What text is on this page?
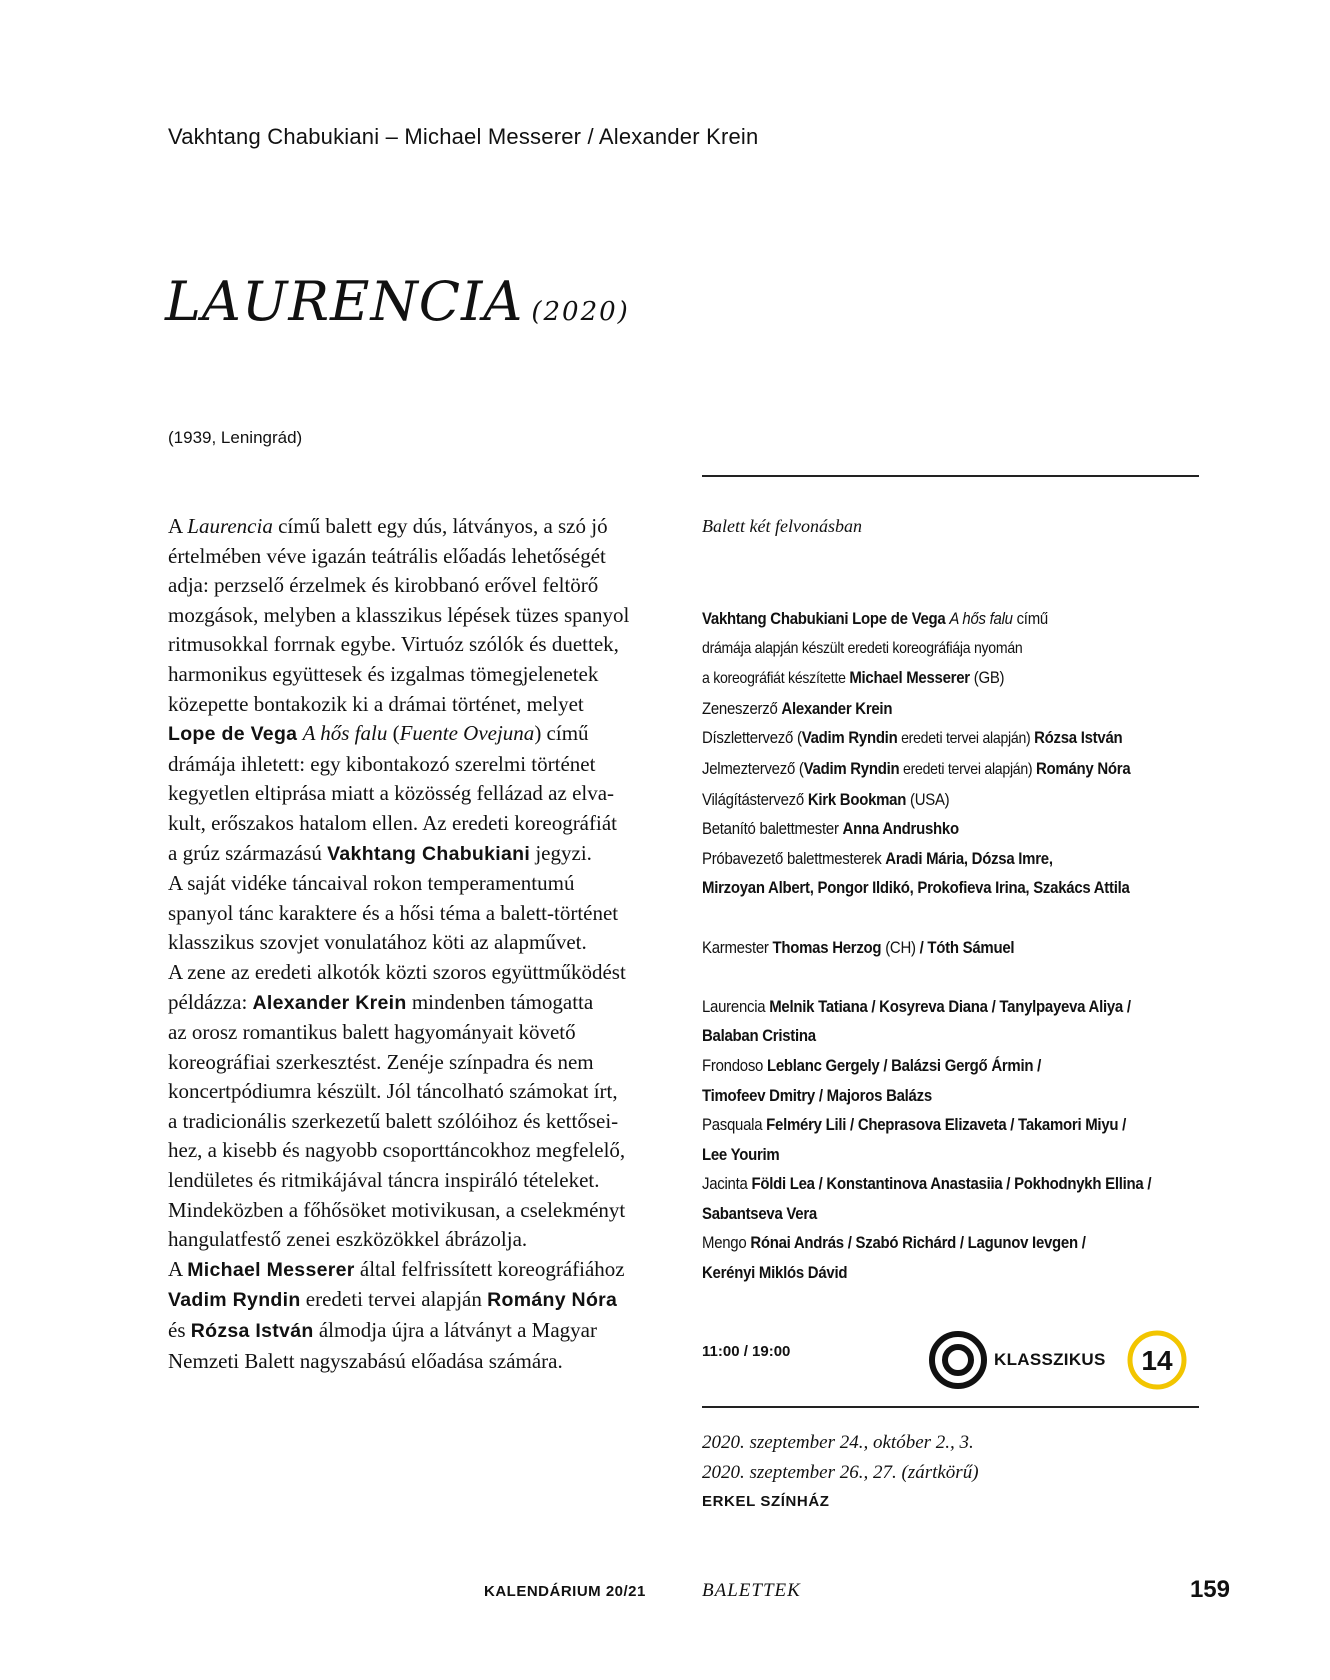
Vakhtang Chabukiani – Michael Messerer / Alexander Krein
LAURENCIA (2020)
(1939, Leningrád)
A Laurencia című balett egy dús, látványos, a szó jó
értelmében véve igazán teátrális előadás lehetőségét
adja: perzselő érzelmek és kirobbanó erővel feltörő
mozgások, melyben a klasszikus lépések tüzes spanyol
ritmusokkal forrnak egybe. Virtuóz szólók és duettek,
harmonikus együttesek és izgalmas tömegjelenetek
közepette bontakozik ki a drámai történet, melyet
Lope de Vega A hős falu (Fuente Ovejuna) című
drámája ihletett: egy kibontakozó szerelmi történet
kegyetlen eltiprása miatt a közösség fellázad az elva-
kult, erőszakos hatalom ellen. Az eredeti koreográfiát
a grúz származású Vakhtang Chabukiani jegyzi.
A saját vidéke táncaival rokon temperamentumú
spanyol tánc karaktere és a hősi téma a balett-történet
klasszikus szovjet vonulatához köti az alapművet.
A zene az eredeti alkotók közti szoros együttműködést
példázza: Alexander Krein mindenben támogatta
az orosz romantikus balett hagyományait követő
koreográfiai szerkesztést. Zenéje színpadra és nem
koncertpódiumra készült. Jól táncolható számokat írt,
a tradicionális szerkezetű balett szólóihoz és kettősei-
hez, a kisebb és nagyobb csoporttáncokhoz megfelelő,
lendületes és ritmikájával táncra inspiráló tételeket.
Mindeközben a főhősöket motivikusan, a cselekményt
hangulatfestő zenei eszközökkel ábrázolja.
A Michael Messerer által felfrissített koreográfiához
Vadim Ryndin eredeti tervei alapján Romány Nóra
és Rózsa István álmodja újra a látványt a Magyar
Nemzeti Balett nagyszabású előadása számára.
Balett két felvonásban
Vakhtang Chabukiani Lope de Vega A hős falu című
drámája alapján készült eredeti koreográfiája nyomán
a koreográfiát készítette Michael Messerer (GB)
Zeneszerző Alexander Krein
Díszlettervező (Vadim Ryndin eredeti tervei alapján) Rózsa István
Jelmeztervező (Vadim Ryndin eredeti tervei alapján) Romány Nóra
Világítástervező Kirk Bookman (USA)
Betanító balettmester Anna Andrushko
Próbavezető balettmesterek Aradi Mária, Dózsa Imre,
Mirzoyan Albert, Pongor Ildikó, Prokofieva Irina, Szakács Attila
Karmester Thomas Herzog (CH) / Tóth Sámuel
Laurencia Melnik Tatiana / Kosyreva Diana / Tanylpayeva Aliya /
Balaban Cristina
Frondoso Leblanc Gergely / Balázsi Gergő Ármin /
Timofeev Dmitry / Majoros Balázs
Pasquala Felméry Lili / Cheprasova Elizaveta / Takamori Miyu /
Lee Yourim
Jacinta Földi Lea / Konstantinova Anastasiia / Pokhodnykh Ellina /
Sabantseva Vera
Mengo Rónai András / Szabó Richárd / Lagunov Ievgen /
Kerényi Miklós Dávid
11:00 / 19:00	KLASSZIKUS 14
2020. szeptember 24., október 2., 3.
2020. szeptember 26., 27. (zártkörű)
ERKEL SZÍNHÁZ
KALENDÁRIUM 20/21	BALETTEK	159
